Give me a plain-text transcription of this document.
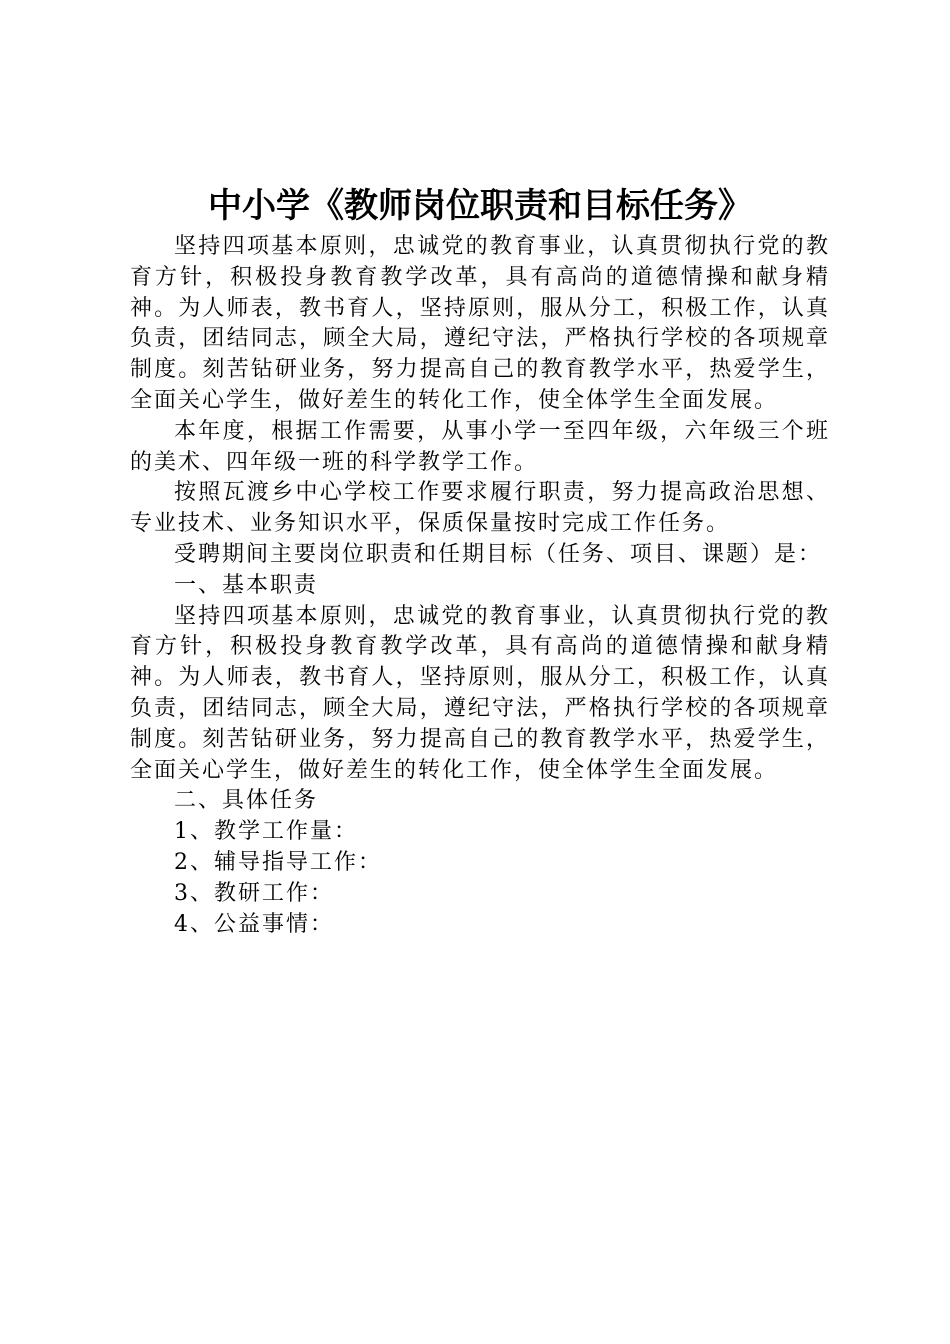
中小学《教师岗位职责和目标任务》

坚持四项基本原则，忠诚党的教育事业，认真贯彻执行党的教育方针，积极投身教育教学改革，具有高尚的道德情操和献身精神。为人师表，教书育人，坚持原则，服从分工，积极工作，认真负责，团结同志，顾全大局，遵纪守法，严格执行学校的各项规章制度。刻苦钻研业务，努力提高自己的教育教学水平，热爱学生，全面关心学生，做好差生的转化工作，使全体学生全面发展。

本年度，根据工作需要，从事小学一至四年级，六年级三个班的美术、四年级一班的科学教学工作。

按照瓦渡乡中心学校工作要求履行职责，努力提高政治思想、专业技术、业务知识水平，保质保量按时完成工作任务。

受聘期间主要岗位职责和任期目标（任务、项目、课题）是：

一、基本职责

坚持四项基本原则，忠诚党的教育事业，认真贯彻执行党的教育方针，积极投身教育教学改革，具有高尚的道德情操和献身精神。为人师表，教书育人，坚持原则，服从分工，积极工作，认真负责，团结同志，顾全大局，遵纪守法，严格执行学校的各项规章制度。刻苦钻研业务，努力提高自己的教育教学水平，热爱学生，全面关心学生，做好差生的转化工作，使全体学生全面发展。

二、具体任务

1、教学工作量：

2、辅导指导工作：

3、教研工作：

4、公益事情：
